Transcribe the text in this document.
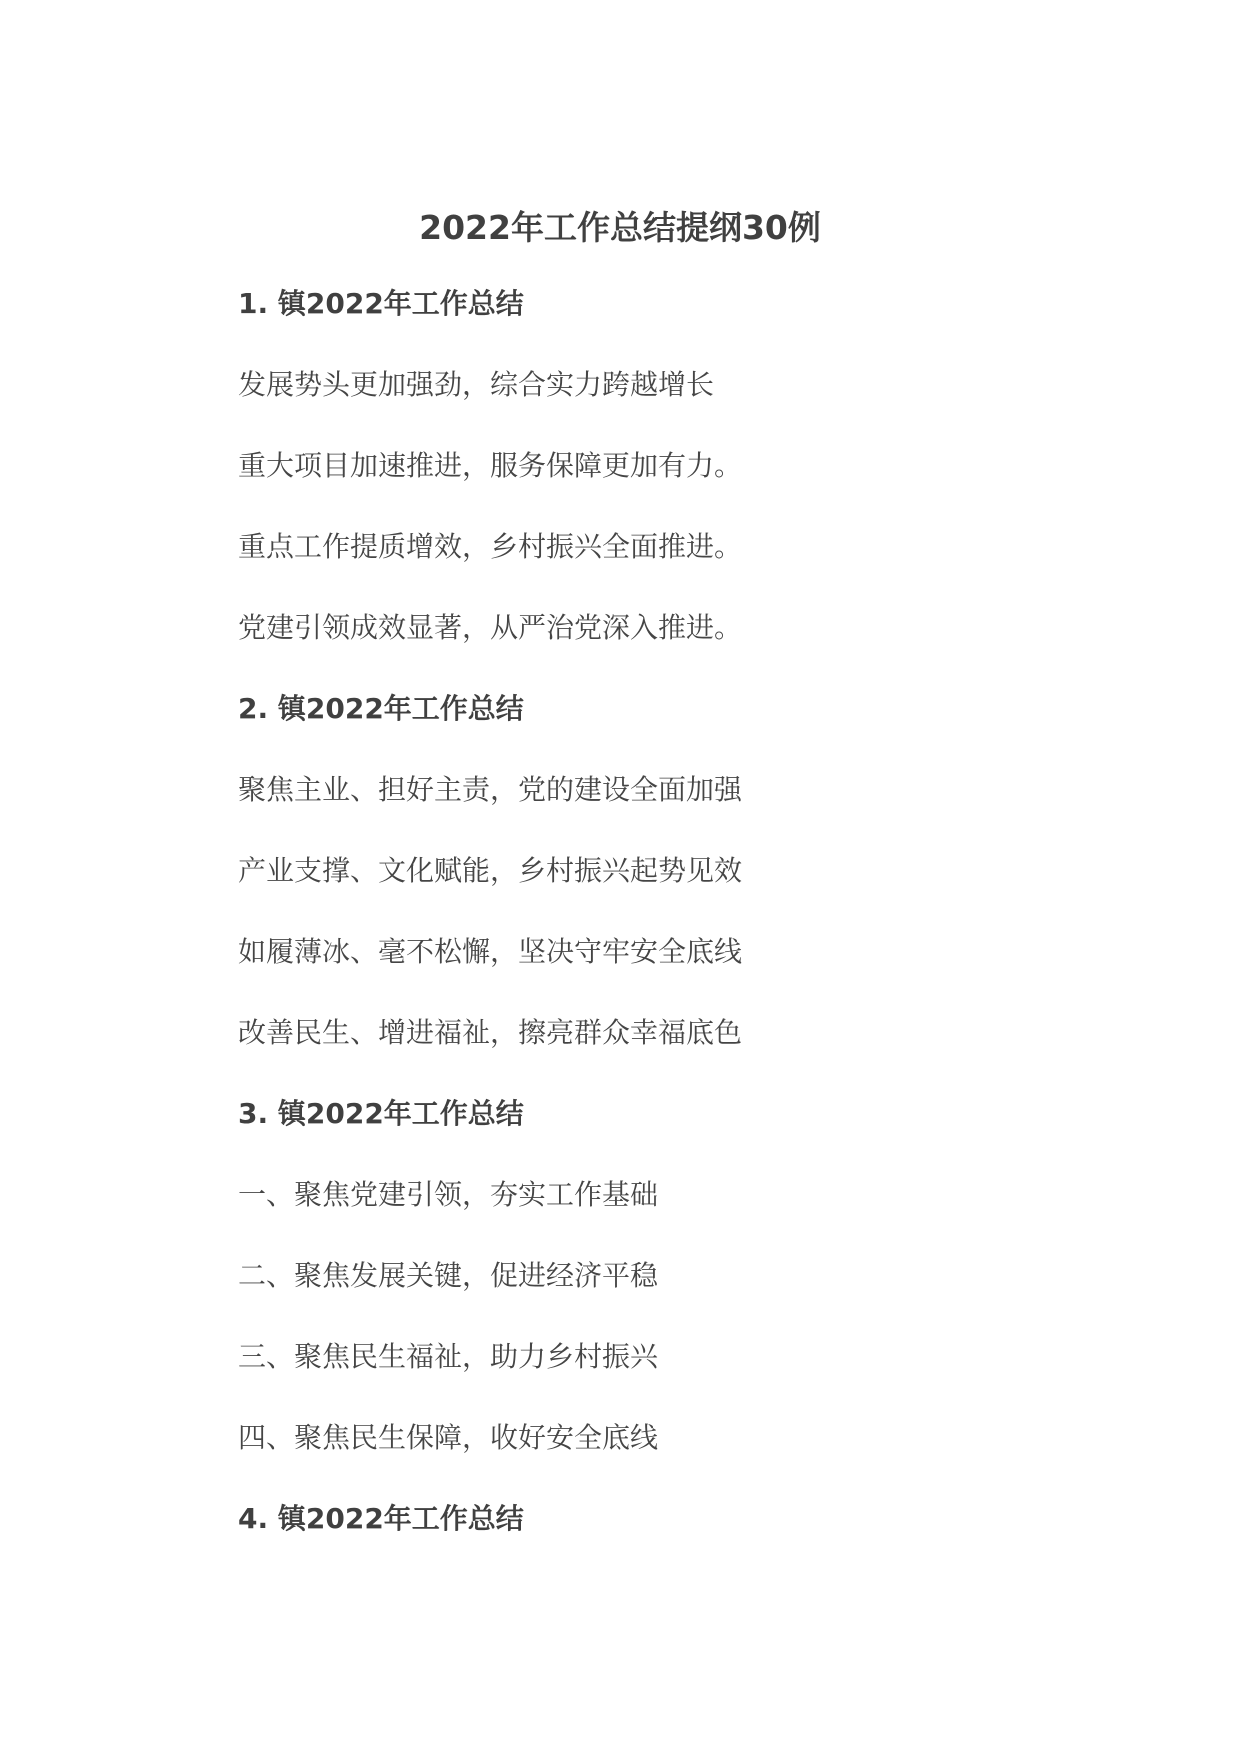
2022年工作总结提纲30例

1. 镇2022年工作总结

发展势头更加强劲，综合实力跨越增长

重大项目加速推进，服务保障更加有力。

重点工作提质增效，乡村振兴全面推进。

党建引领成效显著，从严治党深入推进。

2. 镇2022年工作总结

聚焦主业、担好主责，党的建设全面加强

产业支撑、文化赋能，乡村振兴起势见效

如履薄冰、毫不松懈，坚决守牢安全底线

改善民生、增进福祉，擦亮群众幸福底色

3. 镇2022年工作总结

一、聚焦党建引领，夯实工作基础

二、聚焦发展关键，促进经济平稳

三、聚焦民生福祉，助力乡村振兴

四、聚焦民生保障，收好安全底线

4. 镇2022年工作总结
